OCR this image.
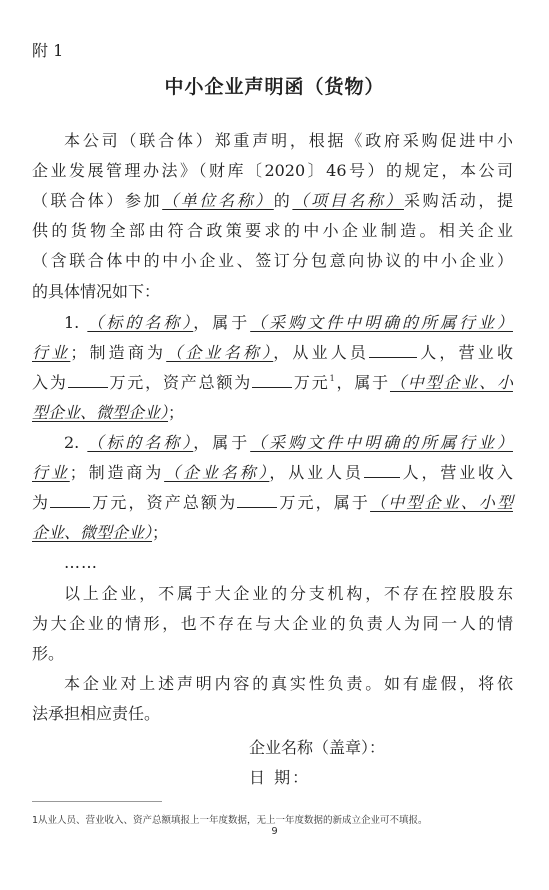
附 1
中小企业声明函（货物）
本公司（联合体）郑重声明，根据《政府采购促进中小
企业发展管理办法》（财库〔2020〕46号）的规定，本公司
（联合体）参加（单位名称）的（项目名称）采购活动，提
供的货物全部由符合政策要求的中小企业制造。相关企业
（含联合体中的中小企业、签订分包意向协议的中小企业）
的具体情况如下：
1. （标的名称），属于（采购文件中明确的所属行业）
行业；制造商为（企业名称），从业人员	人，营业收
入为	万元，资产总额为	万元$^1$，属于（中型企业、小
型企业、微型企业）；
2. （标的名称），属于（采购文件中明确的所属行业）
行业；制造商为（企业名称），从业人员 人，营业收入
为	万元，资产总额为	万元，属于（中型企业、小型
企业、微型企业）；
……
以上企业，不属于大企业的分支机构，不存在控股股东
为大企业的情形，也不存在与大企业的负责人为同一人的情
形。
本企业对上述声明内容的真实性负责。如有虚假，将依
法承担相应责任。
企业名称（盖章）：
日 期：
1从业人员、营业收入、资产总额填报上一年度数据，无上一年度数据的新成立企业可不填报。
9
